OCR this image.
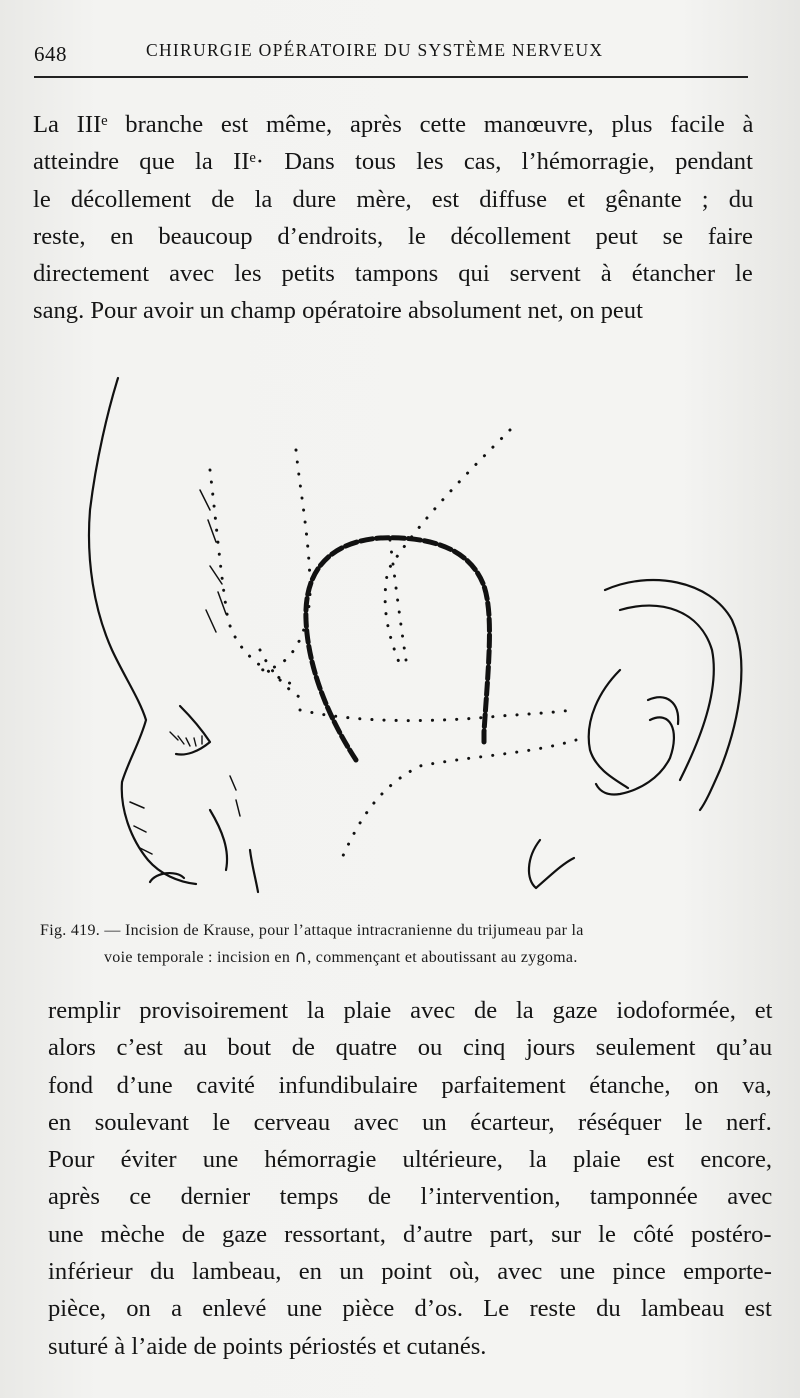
648	CHIRURGIE OPÉRATOIRE DU SYSTÈME NERVEUX
La IIIᵉ branche est même, après cette manœuvre, plus facile à
atteindre que la IIᵉ· Dans tous les cas, l’hémorragie, pendant
le décollement de la dure mère, est diffuse et gênante ; du
reste, en beaucoup d’endroits, le décollement peut se faire
directement avec les petits tampons qui servent à étancher le
sang. Pour avoir un champ opératoire absolument net, on peut
Fig. 419. — Incision de Krause, pour l’attaque intracranienne du trijumeau par la
voie temporale : incision en ∩, commençant et aboutissant au zygoma.
remplir provisoirement la plaie avec de la gaze iodoformée, et
alors c’est au bout de quatre ou cinq jours seulement qu’au
fond d’une cavité infundibulaire parfaitement étanche, on va,
en soulevant le cerveau avec un écarteur, réséquer le nerf.
Pour éviter une hémorragie ultérieure, la plaie est encore,
après ce dernier temps de l’intervention, tamponnée avec
une mèche de gaze ressortant, d’autre part, sur le côté postéro-
inférieur du lambeau, en un point où, avec une pince emporte-
pièce, on a enlevé une pièce d’os. Le reste du lambeau est
suturé à l’aide de points périostés et cutanés.
